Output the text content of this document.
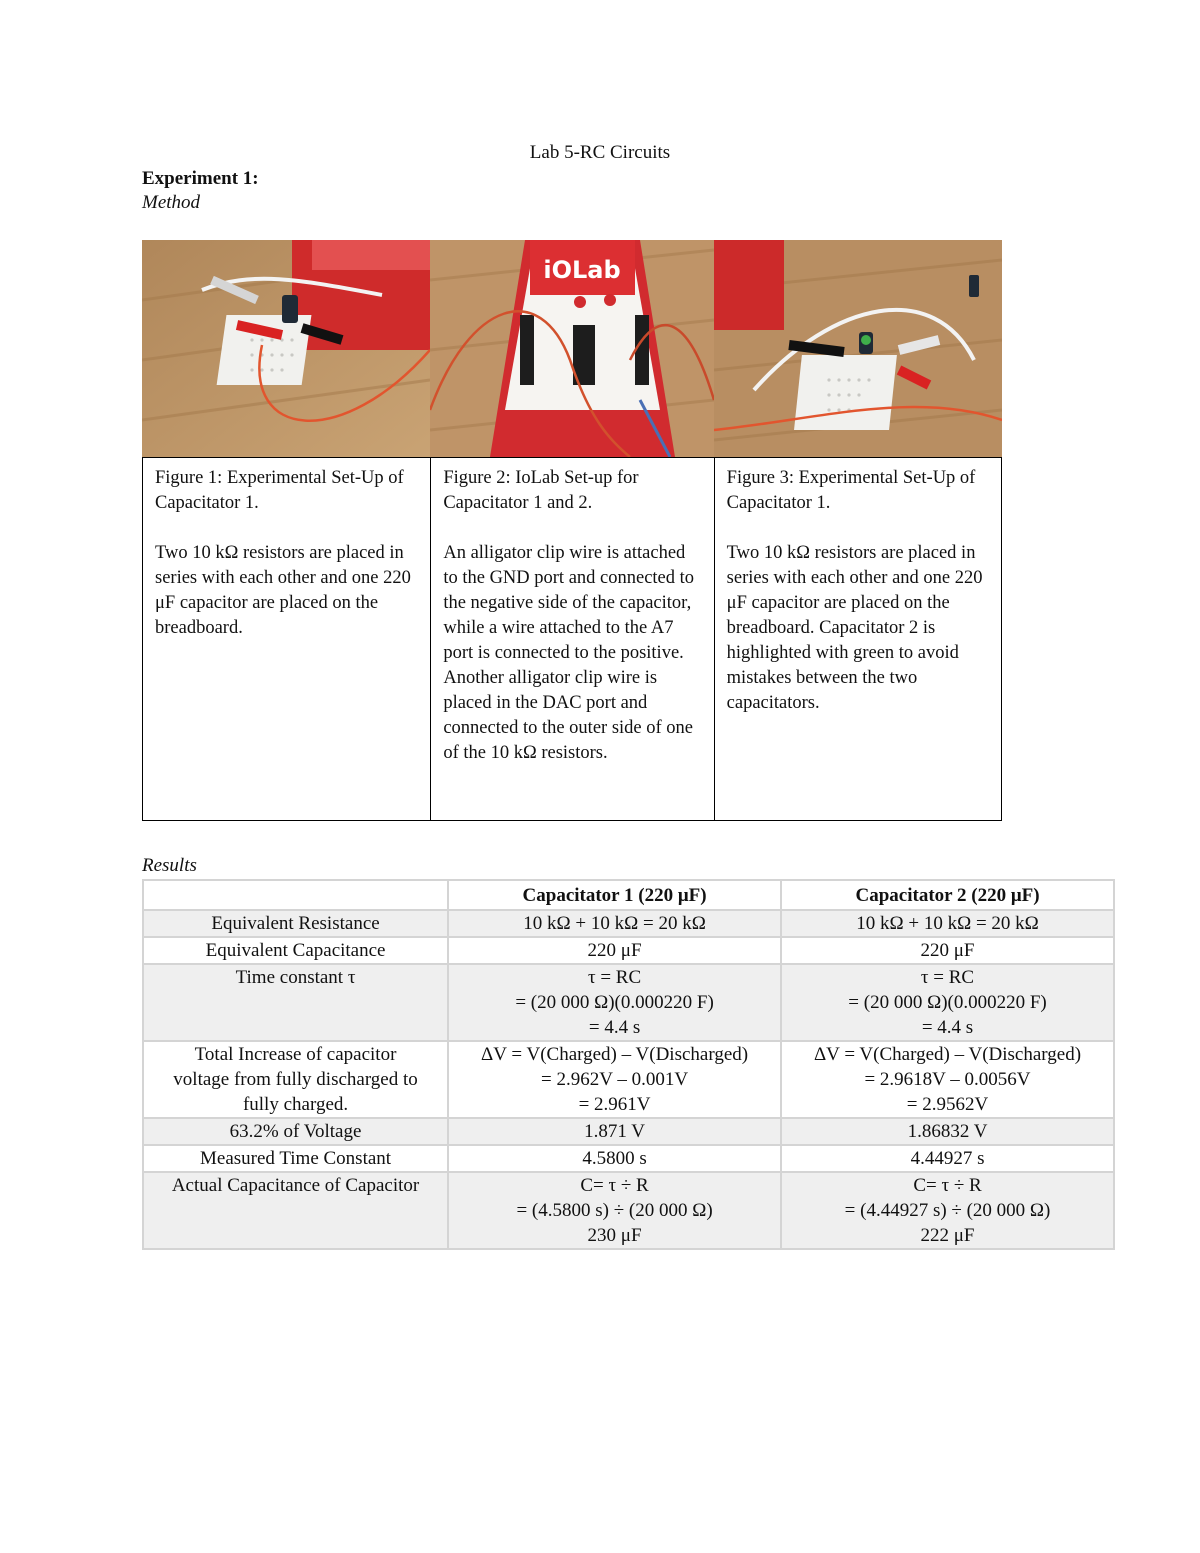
Lab 5-RC Circuits
Experiment 1:
Method
iOLab

Figure 1: Experimental Set-Up of Capacitator 1.

Two 10 kΩ resistors are placed in series with each other and one 220 μF capacitor are placed on the breadboard.

Figure 2: IoLab Set-up for Capacitator 1 and 2.

An alligator clip wire is attached to the GND port and connected to the negative side of the capacitor, while a wire attached to the A7 port is connected to the positive. Another alligator clip wire is placed in the DAC port and connected to the outer side of one of the 10 kΩ resistors.

Figure 3: Experimental Set-Up of Capacitator 1.

Two 10 kΩ resistors are placed in series with each other and one 220 μF capacitor are placed on the breadboard. Capacitator 2 is highlighted with green to avoid mistakes between the two capacitators.

Results
	Capacitator 1 (220 μF)	Capacitator 2 (220 μF)

Equivalent Resistance	10 kΩ + 10 kΩ = 20 kΩ	10 kΩ + 10 kΩ = 20 kΩ

Equivalent Capacitance	220 μF	220 μF

Time constant τ	τ = RC
= (20 000 Ω)(0.000220 F)
= 4.4 s	τ = RC
= (20 000 Ω)(0.000220 F)
= 4.4 s

Total Increase of capacitor
voltage from fully discharged to
fully charged.	ΔV = V(Charged) – V(Discharged)
= 2.962V – 0.001V
= 2.961V	ΔV = V(Charged) – V(Discharged)
= 2.9618V – 0.0056V
= 2.9562V

63.2% of Voltage	1.871 V	1.86832 V

Measured Time Constant	4.5800 s	4.44927 s

Actual Capacitance of Capacitor	C= τ ÷ R
= (4.5800 s) ÷ (20 000 Ω)
230 μF	C= τ ÷ R
= (4.44927 s) ÷ (20 000 Ω)
222 μF
